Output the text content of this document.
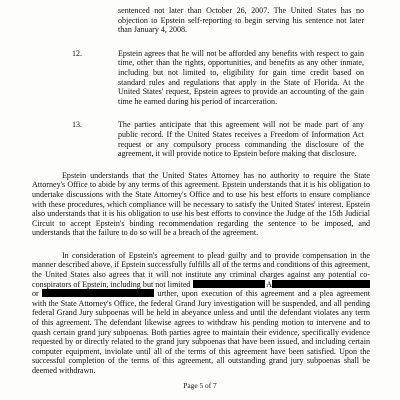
sentenced not later than October 26, 2007. The United States has no objection to Epstein self-reporting to begin serving his sentence not later than January 4, 2008.

12.	Epstein agrees that he will not be afforded any benefits with respect to gain time, other than the rights, opportunities, and benefits as any other inmate, including but not limited to, eligibility for gain time credit based on standard rules and regulations that apply in the State of Florida. At the United States' request, Epstein agrees to provide an accounting of the gain time he earned during his period of incarceration.
13.	The parties anticipate that this agreement will not be made part of any public record. If the United States receives a Freedom of Information Act request or any compulsory process commanding the disclosure of the agreement, it will provide notice to Epstein before making that disclosure.

Epstein understands that the United States Attorney has no authority to require the State Attorney's Office to abide by any terms of this agreement. Epstein understands that it is his obligation to undertake discussions with the State Attorney's Office and to use his best efforts to ensure compliance with these procedures, which compliance will be necessary to satisfy the United States' interest. Epstein also understands that it is his obligation to use his best efforts to convince the Judge of the 15th Judicial Circuit to accept Epstein's binding recommendation regarding the sentence to be imposed, and understands that the failure to do so will be a breach of the agreement.

In consideration of Epstein's agreement to plead guilty and to provide compensation in the manner described above, if Epstein successfully fulfills all of the terms and conditions of this agreement, the United States also agrees that it will not institute any criminal charges against any potential co-conspirators of Epstein, including but not limited	A or	urther, upon execution of this agreement and a plea agreement with the State Attorney's Office, the federal Grand Jury investigation will be suspended, and all pending federal Grand Jury subpoenas will be held in abeyance unless and until the defendant violates any term of this agreement. The defendant likewise agrees to withdraw his pending motion to intervene and to quash certain grand jury subpoenas. Both parties agree to maintain their evidence, specifically evidence requested by or directly related to the grand jury subpoenas that have been issued, and including certain computer equipment, inviolate until all of the terms of this agreement have been satisfied. Upon the successful completion of the terms of this agreement, all outstanding grand jury subpoenas shall be deemed withdrawn.

Page 5 of 7
